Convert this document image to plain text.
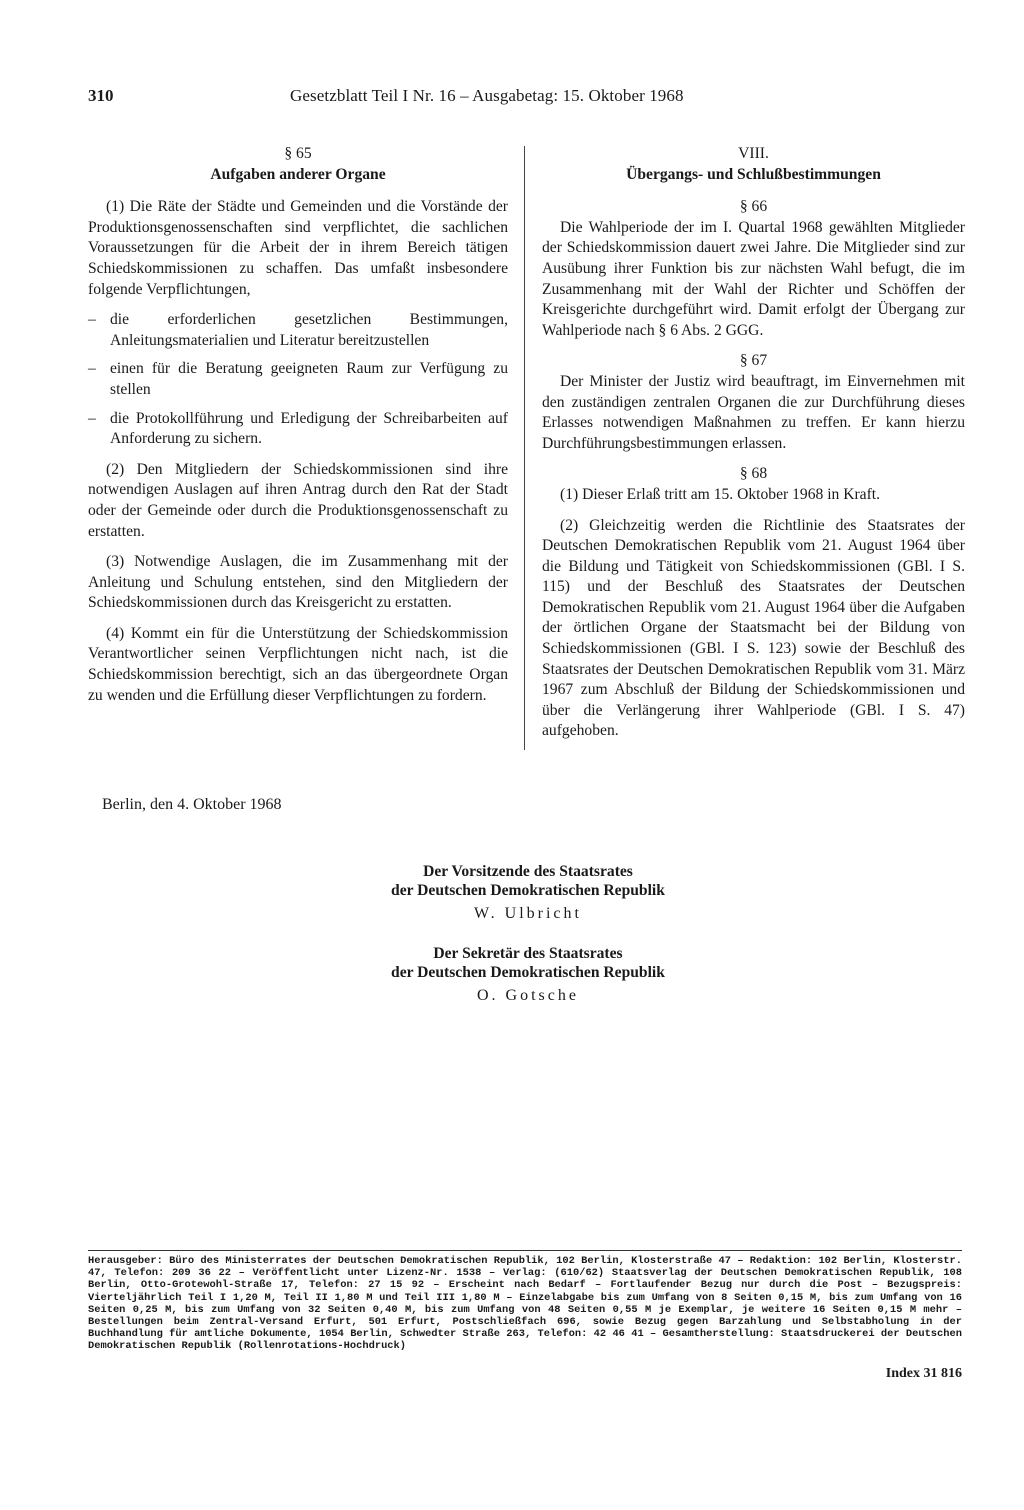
310	Gesetzblatt Teil I Nr. 16 – Ausgabetag: 15. Oktober 1968

§ 65

Aufgaben anderer Organe

(1) Die Räte der Städte und Gemeinden und die Vorstände der Produktionsgenossenschaften sind verpflichtet, die sachlichen Voraussetzungen für die Arbeit der in ihrem Bereich tätigen Schiedskommissionen zu schaffen. Das umfaßt insbesondere folgende Verpflichtungen,

– die erforderlichen gesetzlichen Bestimmungen, Anleitungsmaterialien und Literatur bereitzustellen
– einen für die Beratung geeigneten Raum zur Verfügung zu stellen
– die Protokollführung und Erledigung der Schreibarbeiten auf Anforderung zu sichern.

(2) Den Mitgliedern der Schiedskommissionen sind ihre notwendigen Auslagen auf ihren Antrag durch den Rat der Stadt oder der Gemeinde oder durch die Produktionsgenossenschaft zu erstatten.

(3) Notwendige Auslagen, die im Zusammenhang mit der Anleitung und Schulung entstehen, sind den Mitgliedern der Schiedskommissionen durch das Kreisgericht zu erstatten.

(4) Kommt ein für die Unterstützung der Schiedskommission Verantwortlicher seinen Verpflichtungen nicht nach, ist die Schiedskommission berechtigt, sich an das übergeordnete Organ zu wenden und die Erfüllung dieser Verpflichtungen zu fordern.

VIII.

Übergangs- und Schlußbestimmungen

§ 66

Die Wahlperiode der im I. Quartal 1968 gewählten Mitglieder der Schiedskommission dauert zwei Jahre. Die Mitglieder sind zur Ausübung ihrer Funktion bis zur nächsten Wahl befugt, die im Zusammenhang mit der Wahl der Richter und Schöffen der Kreisgerichte durchgeführt wird. Damit erfolgt der Übergang zur Wahlperiode nach § 6 Abs. 2 GGG.

§ 67

Der Minister der Justiz wird beauftragt, im Einvernehmen mit den zuständigen zentralen Organen die zur Durchführung dieses Erlasses notwendigen Maßnahmen zu treffen. Er kann hierzu Durchführungsbestimmungen erlassen.

§ 68

(1) Dieser Erlaß tritt am 15. Oktober 1968 in Kraft.

(2) Gleichzeitig werden die Richtlinie des Staatsrates der Deutschen Demokratischen Republik vom 21. August 1964 über die Bildung und Tätigkeit von Schiedskommissionen (GBl. I S. 115) und der Beschluß des Staatsrates der Deutschen Demokratischen Republik vom 21. August 1964 über die Aufgaben der örtlichen Organe der Staatsmacht bei der Bildung von Schiedskommissionen (GBl. I S. 123) sowie der Beschluß des Staatsrates der Deutschen Demokratischen Republik vom 31. März 1967 zum Abschluß der Bildung der Schiedskommissionen und über die Verlängerung ihrer Wahlperiode (GBl. I S. 47) aufgehoben.

Berlin, den 4. Oktober 1968
Der Vorsitzende des Staatsrates
der Deutschen Demokratischen Republik
W. Ulbricht
Der Sekretär des Staatsrates
der Deutschen Demokratischen Republik
O. Gotsche
Herausgeber: Büro des Ministerrates der Deutschen Demokratischen Republik, 102 Berlin, Klosterstraße 47 – Redaktion: 102 Berlin, Klosterstr. 47, Telefon: 209 36 22 – Veröffentlicht unter Lizenz-Nr. 1538 – Verlag: (610/62) Staatsverlag der Deutschen Demokratischen Republik, 108 Berlin, Otto-Grotewohl-Straße 17, Telefon: 27 15 92 – Erscheint nach Bedarf – Fortlaufender Bezug nur durch die Post – Bezugspreis: Vierteljährlich Teil I 1,20 M, Teil II 1,80 M und Teil III 1,80 M – Einzelabgabe bis zum Umfang von 8 Seiten 0,15 M, bis zum Umfang von 16 Seiten 0,25 M, bis zum Umfang von 32 Seiten 0,40 M, bis zum Umfang von 48 Seiten 0,55 M je Exemplar, je weitere 16 Seiten 0,15 M mehr – Bestellungen beim Zentral-Versand Erfurt, 501 Erfurt, Postschließfach 696, sowie Bezug gegen Barzahlung und Selbstabholung in der Buchhandlung für amtliche Dokumente, 1054 Berlin, Schwedter Straße 263, Telefon: 42 46 41 – Gesamtherstellung: Staatsdruckerei der Deutschen Demokratischen Republik (Rollenrotations-Hochdruck)
Index 31 816
